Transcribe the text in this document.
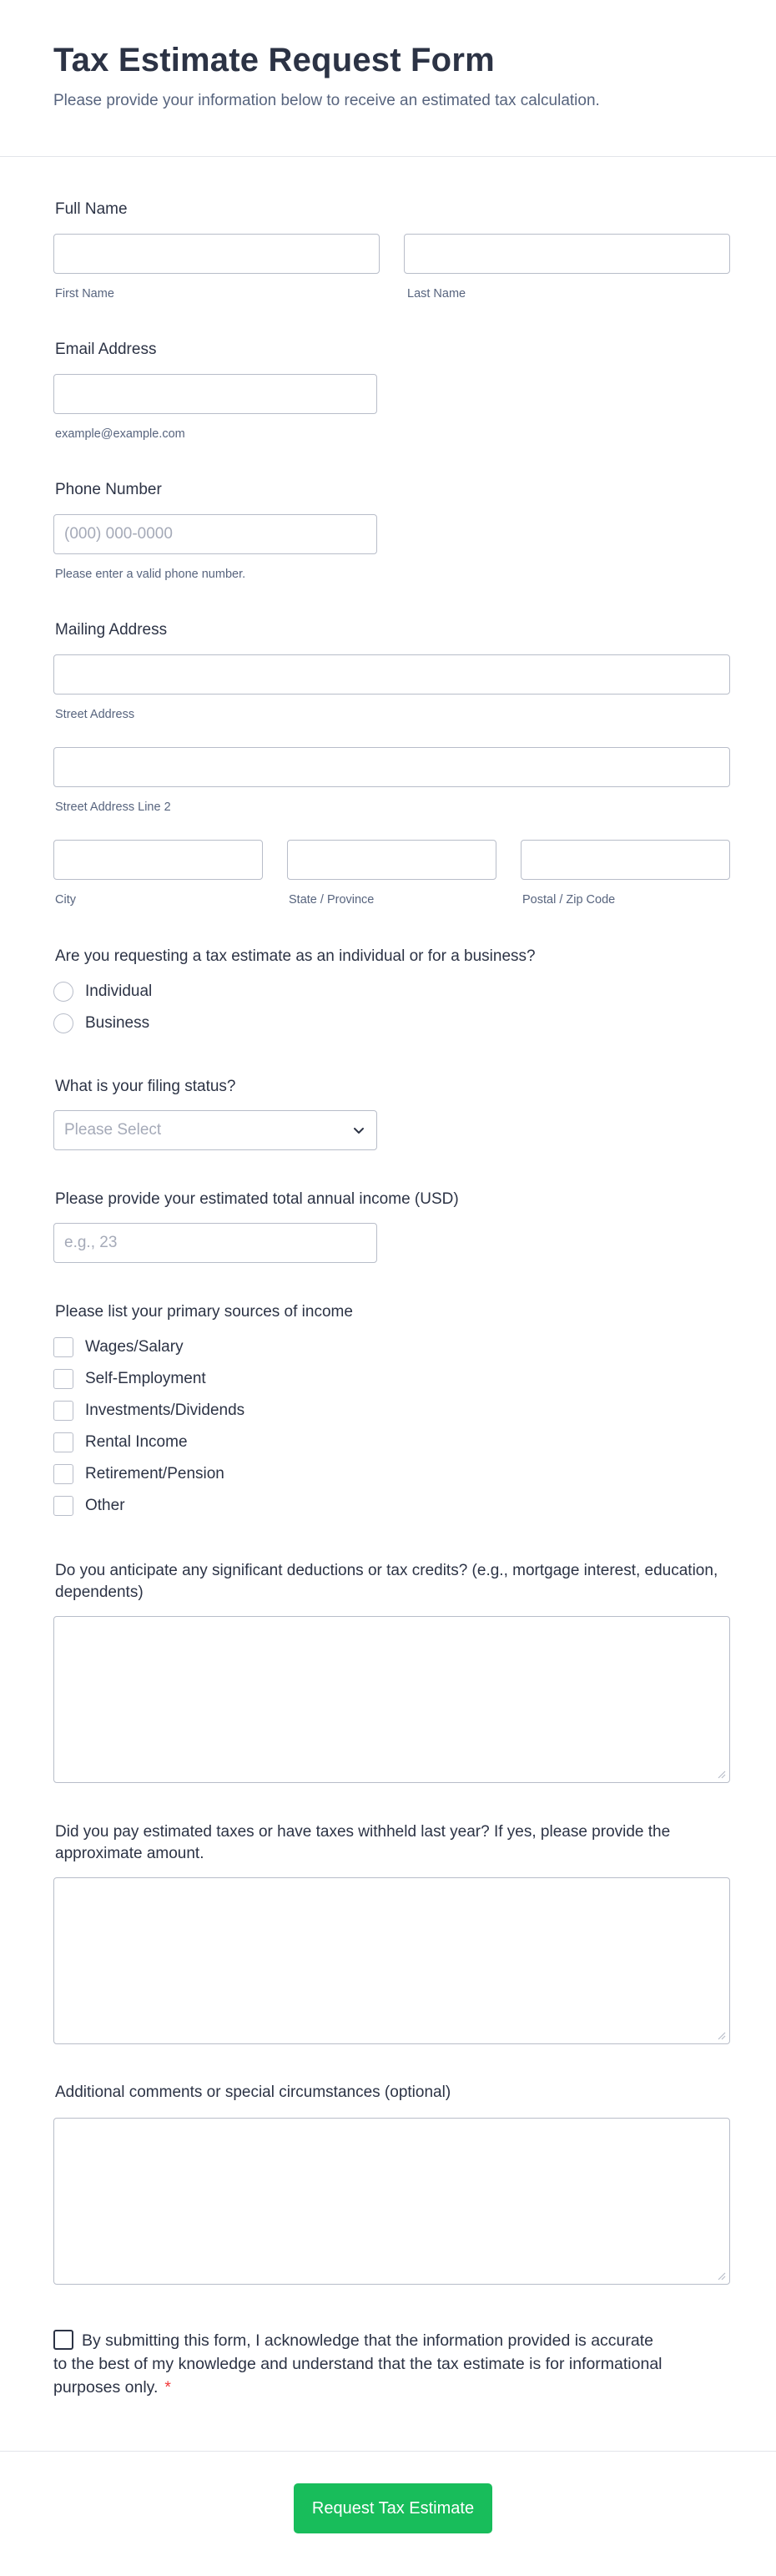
Tax Estimate Request Form
Please provide your information below to receive an estimated tax calculation.
Full Name
First Name	Last Name
Email Address
example@example.com
Phone Number
(000) 000-0000
Please enter a valid phone number.
Mailing Address
Street Address
Street Address Line 2
City	State / Province	Postal / Zip Code
Are you requesting a tax estimate as an individual or for a business?
Individual
Business
What is your filing status?
Please Select
Please provide your estimated total annual income (USD)
e.g., 23
Please list your primary sources of income
Wages/Salary
Self-Employment
Investments/Dividends
Rental Income
Retirement/Pension
Other
Do you anticipate any significant deductions or tax credits? (e.g., mortgage interest, education, dependents)
Did you pay estimated taxes or have taxes withheld last year? If yes, please provide the approximate amount.
Additional comments or special circumstances (optional)
By submitting this form, I acknowledge that the information provided is accurate to the best of my knowledge and understand that the tax estimate is for informational purposes only. *
Request Tax Estimate
